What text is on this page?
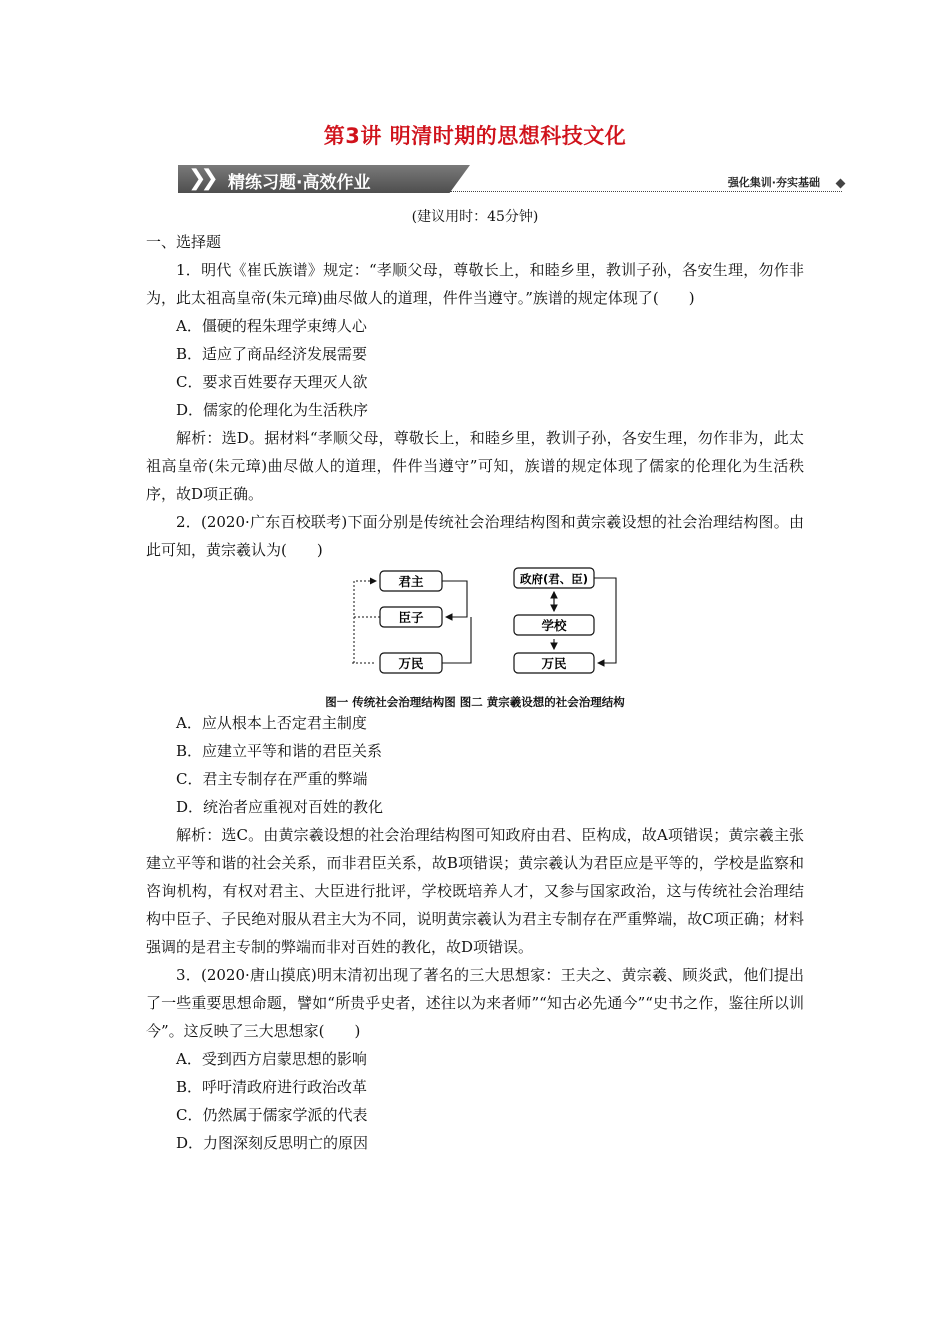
第3讲 明清时期的思想科技文化
❯❯ 精练习题·高效作业	强化集训·夯实基础
(建议用时：45分钟)

一、选择题

1．明代《崔氏族谱》规定：“孝顺父母，尊敬长上，和睦乡里，教训子孙，各安生理，勿作非为，此太祖高皇帝(朱元璋)曲尽做人的道理，件件当遵守。”族谱的规定体现了(　　)

A．僵硬的程朱理学束缚人心

B．适应了商品经济发展需要

C．要求百姓要存天理灭人欲

D．儒家的伦理化为生活秩序

解析：选D。据材料“孝顺父母，尊敬长上，和睦乡里，教训子孙，各安生理，勿作非为，此太祖高皇帝(朱元璋)曲尽做人的道理，件件当遵守”可知，族谱的规定体现了儒家的伦理化为生活秩序，故D项正确。

2．(2020·广东百校联考)下面分别是传统社会治理结构图和黄宗羲设想的社会治理结构图。由此可知，黄宗羲认为(　　)

君主
臣子
万民
政府(君、臣)
学校
万民
图一 传统社会治理结构图 图二 黄宗羲设想的社会治理结构

A．应从根本上否定君主制度

B．应建立平等和谐的君臣关系

C．君主专制存在严重的弊端

D．统治者应重视对百姓的教化

解析：选C。由黄宗羲设想的社会治理结构图可知政府由君、臣构成，故A项错误；黄宗羲主张建立平等和谐的社会关系，而非君臣关系，故B项错误；黄宗羲认为君臣应是平等的，学校是监察和咨询机构，有权对君主、大臣进行批评，学校既培养人才，又参与国家政治，这与传统社会治理结构中臣子、子民绝对服从君主大为不同，说明黄宗羲认为君主专制存在严重弊端，故C项正确；材料强调的是君主专制的弊端而非对百姓的教化，故D项错误。

3．(2020·唐山摸底)明末清初出现了著名的三大思想家：王夫之、黄宗羲、顾炎武，他们提出了一些重要思想命题，譬如“所贵乎史者，述往以为来者师”“知古必先通今”“史书之作，鉴往所以训今”。这反映了三大思想家(　　)

A．受到西方启蒙思想的影响

B．呼吁清政府进行政治改革

C．仍然属于儒家学派的代表

D．力图深刻反思明亡的原因
